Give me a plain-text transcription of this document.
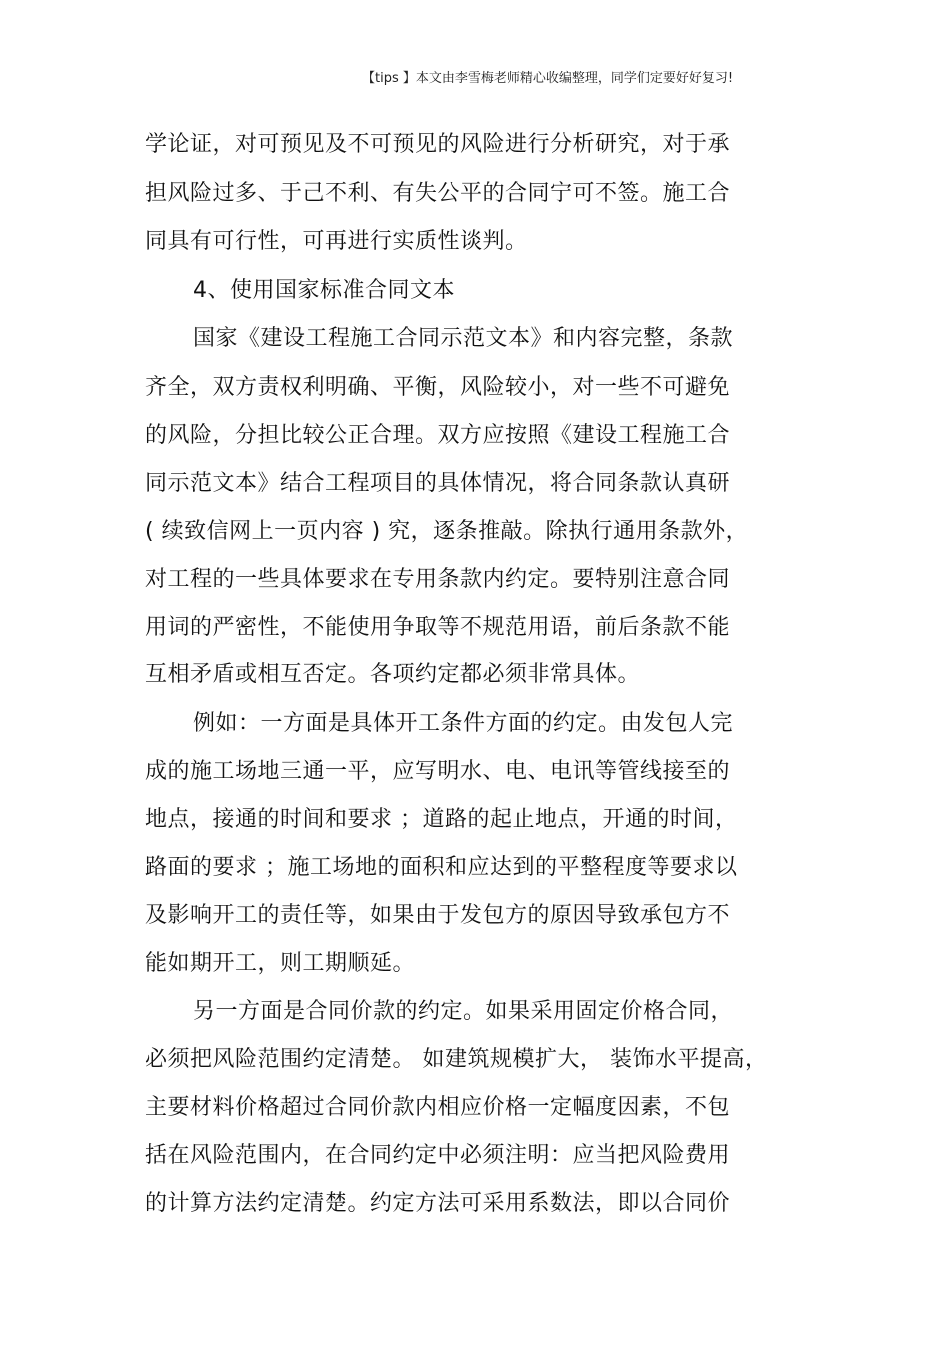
【tips 】本文由李雪梅老师精心收编整理，同学们定要好好复习!
学论证，对可预见及不可预见的风险进行分析研究，对于承
担风险过多、于己不利、有失公平的合同宁可不签。施工合
同具有可行性，可再进行实质性谈判。
4、使用国家标准合同文本
国家《建设工程施工合同示范文本》和内容完整，条款
齐全，双方责权利明确、平衡，风险较小，对一些不可避免
的风险，分担比较公正合理。双方应按照《建设工程施工合
同示范文本》结合工程项目的具体情况，将合同条款认真研
( 续致信网上一页内容 ) 究，逐条推敲。除执行通用条款外，
对工程的一些具体要求在专用条款内约定。要特别注意合同
用词的严密性，不能使用争取等不规范用语，前后条款不能
互相矛盾或相互否定。各项约定都必须非常具体。
例如：一方面是具体开工条件方面的约定。由发包人完
成的施工场地三通一平，应写明水、电、电讯等管线接至的
地点，接通的时间和要求 ；道路的起止地点，开通的时间，
路面的要求 ；施工场地的面积和应达到的平整程度等要求以
及影响开工的责任等，如果由于发包方的原因导致承包方不
能如期开工，则工期顺延。
另一方面是合同价款的约定。如果采用固定价格合同，
必须把风险范围约定清楚。 如建筑规模扩大， 装饰水平提高，
主要材料价格超过合同价款内相应价格一定幅度因素，不包
括在风险范围内，在合同约定中必须注明：应当把风险费用
的计算方法约定清楚。约定方法可采用系数法，即以合同价
